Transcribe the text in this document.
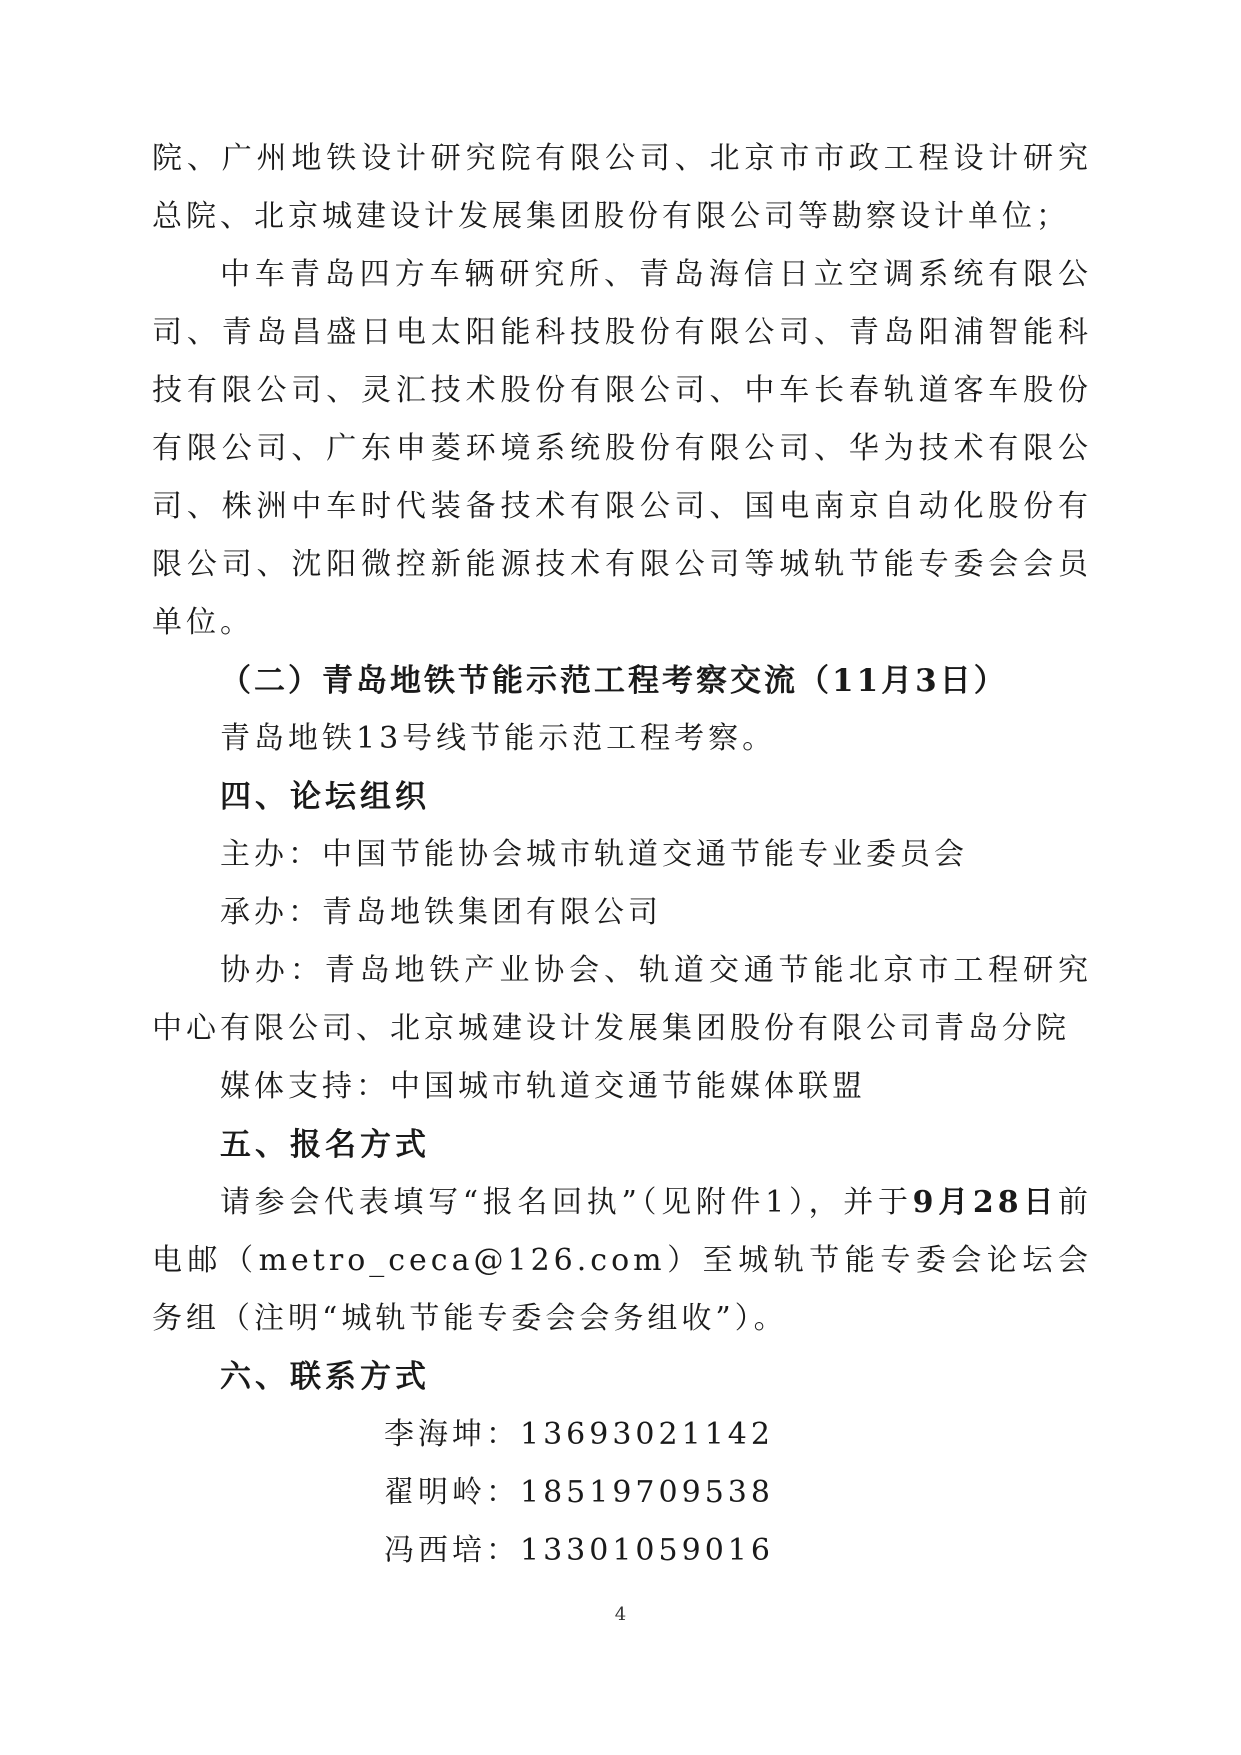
院、广州地铁设计研究院有限公司、北京市市政工程设计研究总院、北京城建设计发展集团股份有限公司等勘察设计单位；

中车青岛四方车辆研究所、青岛海信日立空调系统有限公司、青岛昌盛日电太阳能科技股份有限公司、青岛阳浦智能科技有限公司、灵汇技术股份有限公司、中车长春轨道客车股份有限公司、广东申菱环境系统股份有限公司、华为技术有限公司、株洲中车时代装备技术有限公司、国电南京自动化股份有限公司、沈阳微控新能源技术有限公司等城轨节能专委会会员单位。

（二）青岛地铁节能示范工程考察交流（11月3日）

青岛地铁13号线节能示范工程考察。

四、论坛组织

主办：中国节能协会城市轨道交通节能专业委员会

承办：青岛地铁集团有限公司

协办：青岛地铁产业协会、轨道交通节能北京市工程研究中心有限公司、北京城建设计发展集团股份有限公司青岛分院

媒体支持：中国城市轨道交通节能媒体联盟

五、报名方式

请参会代表填写“报名回执”（见附件1），并于9月28日前电邮（metro_ceca@126.com）至城轨节能专委会论坛会务组（注明“城轨节能专委会会务组收”）。

六、联系方式

李海坤：13693021142

翟明岭：18519709538

冯西培：13301059016

4
